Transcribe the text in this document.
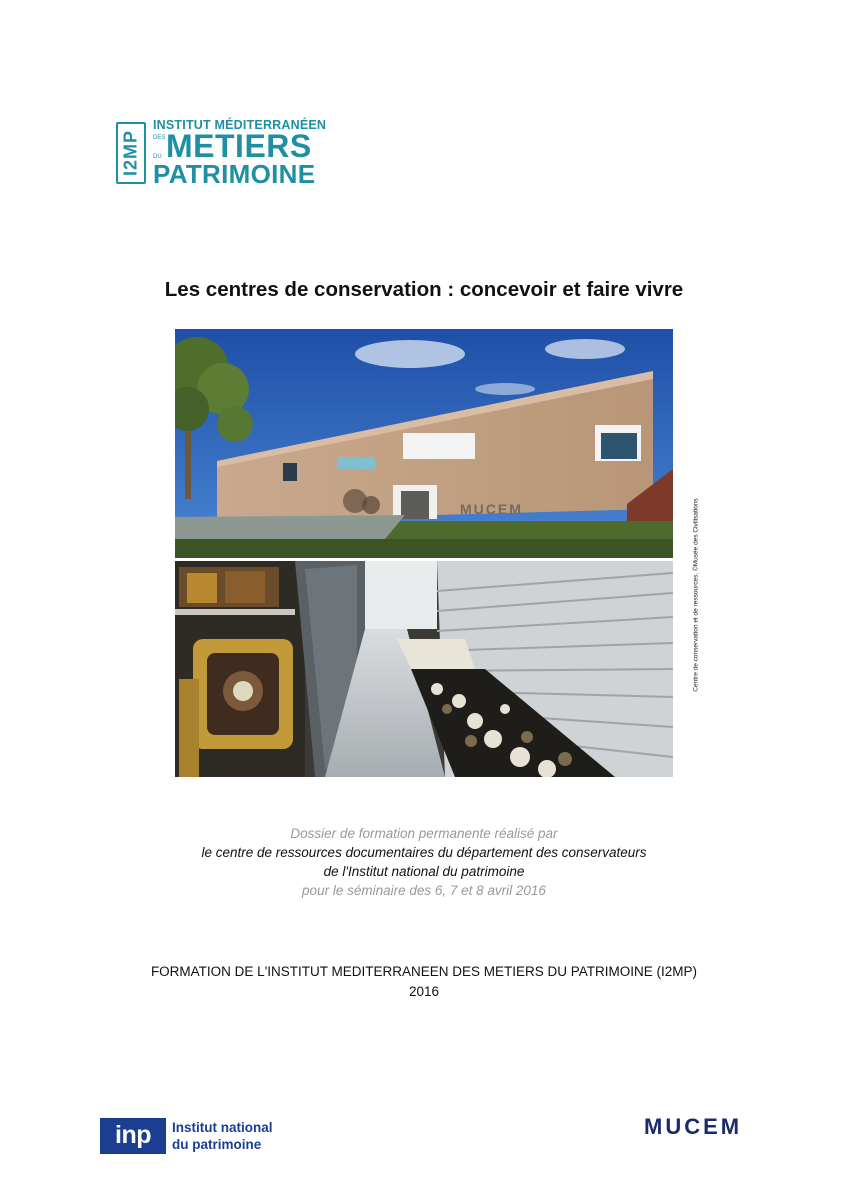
I2MP
INSTITUT MÉDITERRANÉEN
DES METIERS
DU
PATRIMOINE
Les centres de conservation : concevoir et faire vivre
MUCEM	Centre de conservation et de ressources. ©Musée des Civilisations
Dossier de formation permanente réalisé par
le centre de ressources documentaires du département des conservateurs
de l'Institut national du patrimoine
pour le séminaire des 6, 7 et 8 avril 2016
FORMATION DE L'INSTITUT MEDITERRANEEN DES METIERS DU PATRIMOINE (I2MP)
2016
inp	Institut national
du patrimoine
MUCEM
